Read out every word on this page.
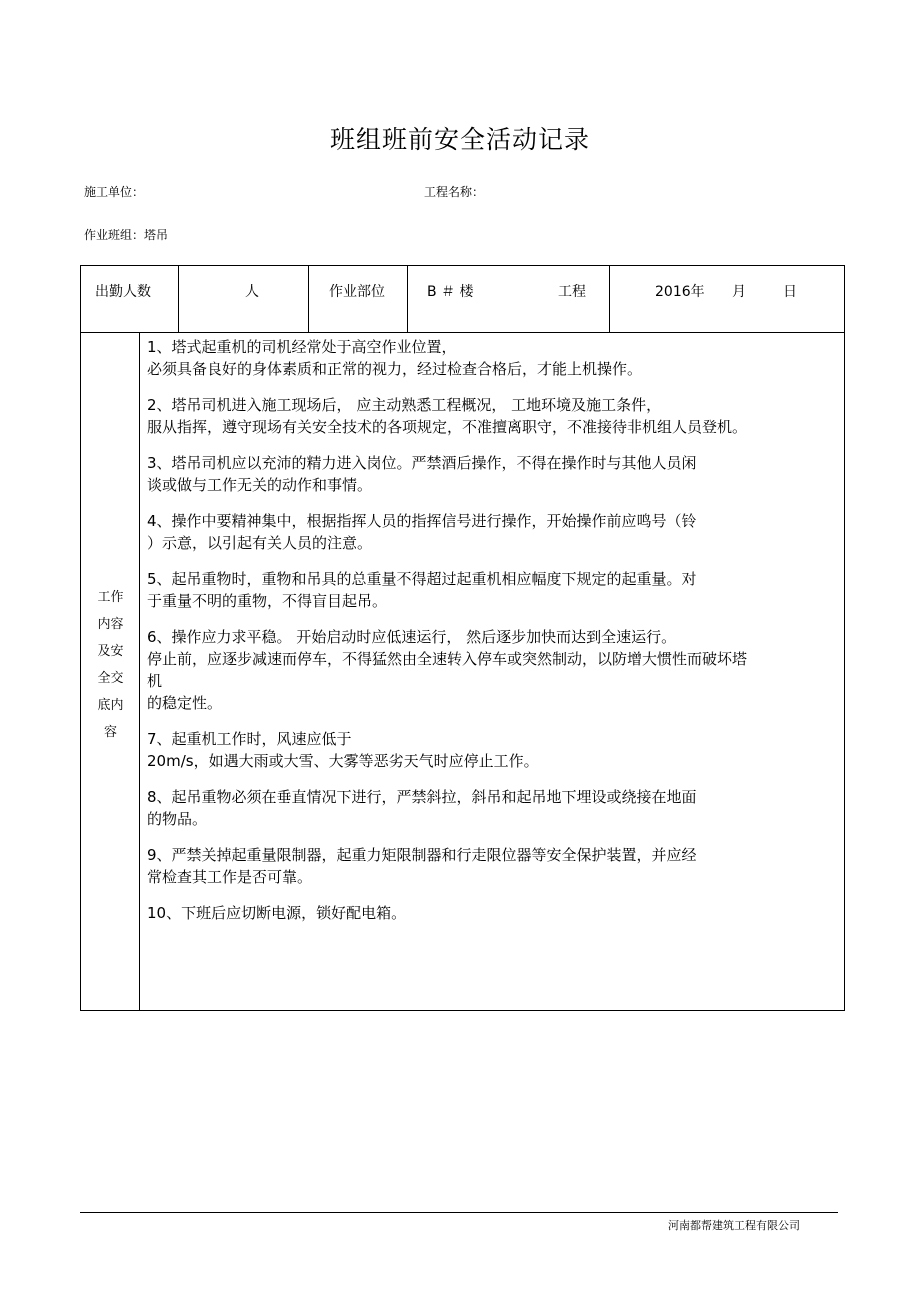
班组班前安全活动记录
施工单位：	工程名称：
作业班组：塔吊
出勤人数	人	作业部位	B ＃ 楼	工程	2016年 月	日
工作
内容
及安
全交
底内
容
1、塔式起重机的司机经常处于高空作业位置，
必须具备良好的身体素质和正常的视力，经过检查合格后，才能上机操作。
2、塔吊司机进入施工现场后， 应主动熟悉工程概况， 工地环境及施工条件，
服从指挥，遵守现场有关安全技术的各项规定，不准擅离职守，不准接待非机组人员登机。
3、塔吊司机应以充沛的精力进入岗位。严禁酒后操作，不得在操作时与其他人员闲
谈或做与工作无关的动作和事情。
4、操作中要精神集中，根据指挥人员的指挥信号进行操作，开始操作前应鸣号（铃
）示意，以引起有关人员的注意。
5、起吊重物时，重物和吊具的总重量不得超过起重机相应幅度下规定的起重量。对
于重量不明的重物，不得盲目起吊。
6、操作应力求平稳。 开始启动时应低速运行， 然后逐步加快而达到全速运行。
停止前，应逐步减速而停车，不得猛然由全速转入停车或突然制动，以防增大惯性而破坏塔
机
的稳定性。
7、起重机工作时，风速应低于
20m/s，如遇大雨或大雪、大雾等恶劣天气时应停止工作。
8、起吊重物必须在垂直情况下进行，严禁斜拉，斜吊和起吊地下埋设或绕接在地面
的物品。
9、严禁关掉起重量限制器，起重力矩限制器和行走限位器等安全保护装置，并应经
常检查其工作是否可靠。
10、下班后应切断电源，锁好配电箱。
河南都帮建筑工程有限公司
